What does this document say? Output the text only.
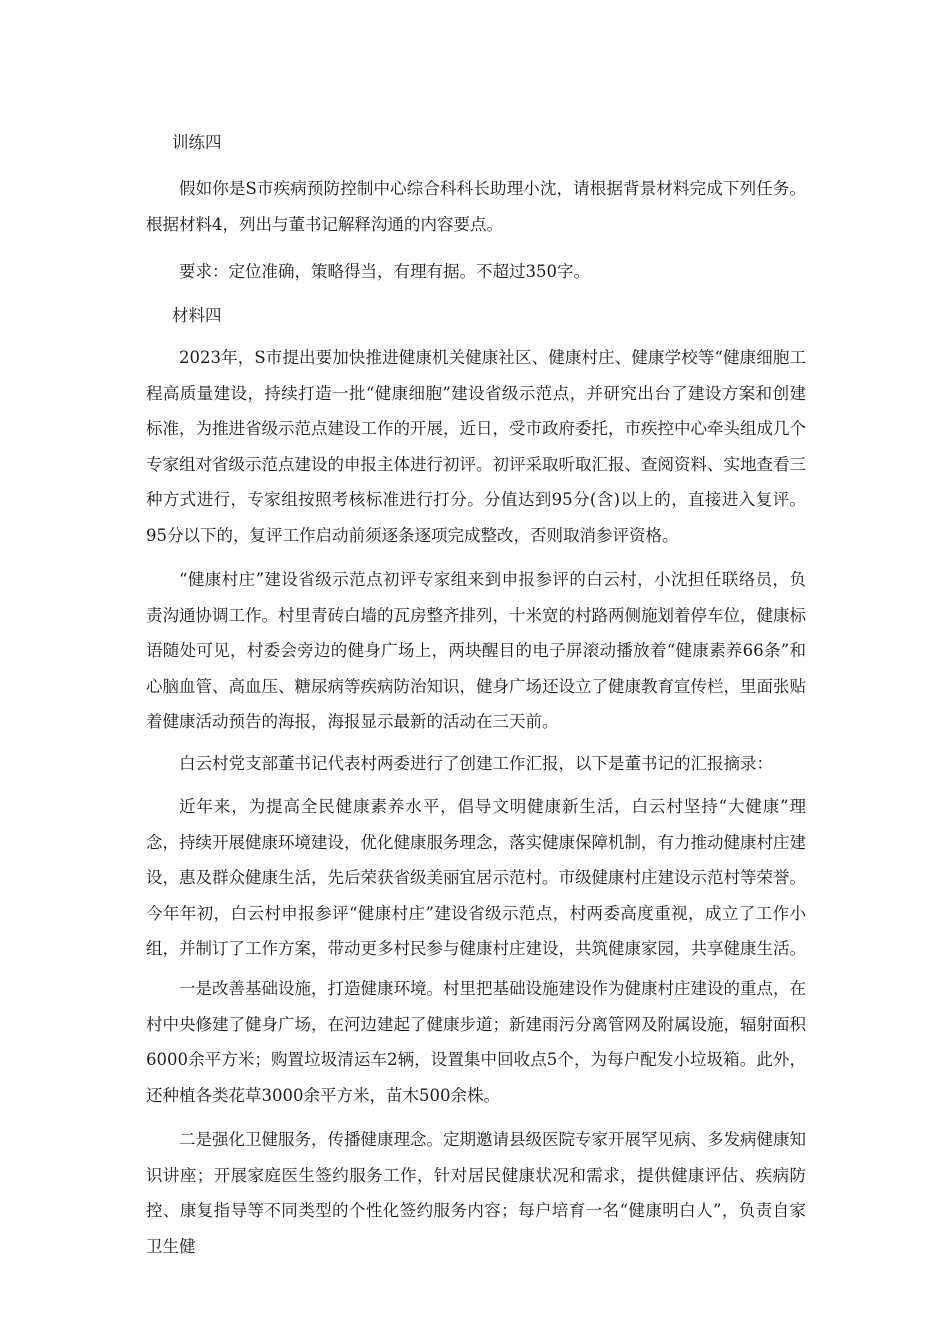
训练四

假如你是S市疾病预防控制中心综合科科长助理小沈，请根据背景材料完成下列任务。根据材料4，列出与董书记解释沟通的内容要点。

要求：定位准确，策略得当，有理有据。不超过350字。

材料四

2023年，S市提出要加快推进健康机关健康社区、健康村庄、健康学校等“健康细胞工程高质量建设，持续打造一批“健康细胞”建设省级示范点，并研究出台了建设方案和创建标准，为推进省级示范点建设工作的开展，近日，受市政府委托，市疾控中心牵头组成几个专家组对省级示范点建设的申报主体进行初评。初评采取听取汇报、查阅资料、实地查看三种方式进行，专家组按照考核标准进行打分。分值达到95分(含)以上的，直接进入复评。95分以下的，复评工作启动前须逐条逐项完成整改，否则取消参评资格。

“健康村庄”建设省级示范点初评专家组来到申报参评的白云村，小沈担任联络员，负责沟通协调工作。村里青砖白墙的瓦房整齐排列，十米宽的村路两侧施划着停车位，健康标语随处可见，村委会旁边的健身广场上，两块醒目的电子屏滚动播放着“健康素养66条”和心脑血管、高血压、糖尿病等疾病防治知识，健身广场还设立了健康教育宣传栏，里面张贴着健康活动预告的海报，海报显示最新的活动在三天前。

白云村党支部董书记代表村两委进行了创建工作汇报，以下是董书记的汇报摘录：

近年来，为提高全民健康素养水平，倡导文明健康新生活，白云村坚持“大健康”理念，持续开展健康环境建设，优化健康服务理念，落实健康保障机制，有力推动健康村庄建设，惠及群众健康生活，先后荣获省级美丽宜居示范村。市级健康村庄建设示范村等荣誉。今年年初，白云村申报参评“健康村庄”建设省级示范点，村两委高度重视，成立了工作小组，并制订了工作方案，带动更多村民参与健康村庄建设，共筑健康家园，共享健康生活。

一是改善基础设施，打造健康环境。村里把基础设施建设作为健康村庄建设的重点，在村中央修建了健身广场，在河边建起了健康步道；新建雨污分离管网及附属设施，辐射面积6000余平方米；购置垃圾清运车2辆，设置集中回收点5个，为每户配发小垃圾箱。此外，还种植各类花草3000余平方米，苗木500余株。

二是强化卫健服务，传播健康理念。定期邀请县级医院专家开展罕见病、多发病健康知识讲座；开展家庭医生签约服务工作，针对居民健康状况和需求，提供健康评估、疾病防控、康复指导等不同类型的个性化签约服务内容；每户培育一名“健康明白人”，负责自家卫生健
